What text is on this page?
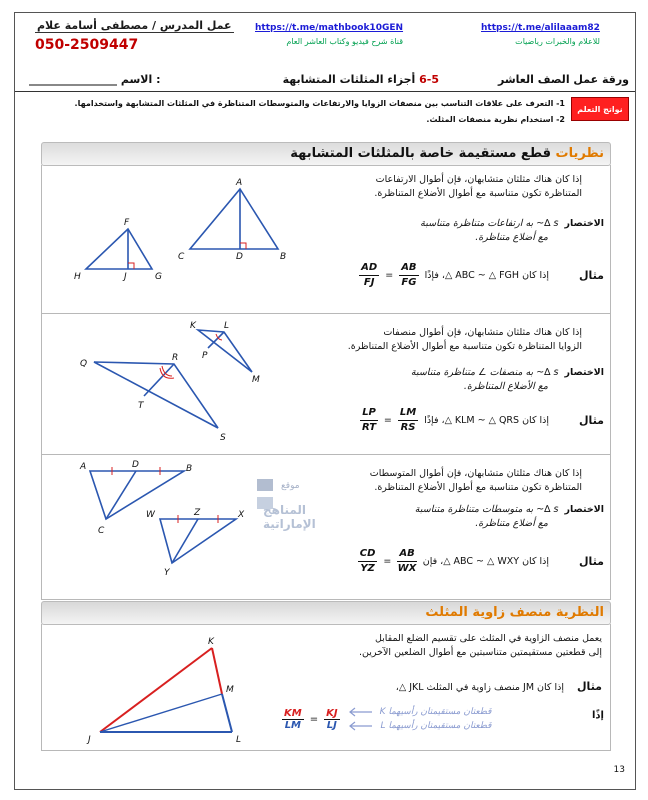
عمل المدرس / مصطفى أسامة علام
050-2509447
https://t.me/mathbook10GEN
قناة شرح فيديو وكتاب العاشر العام
https://t.me/alilaaam82
للاعلام والخبرات رياضيات
ورقة عمل الصف العاشر
6-5 أجزاء المثلثات المتشابهة
________________ الاسم :
نواتج التعلم
1- التعرف على علاقات التناسب بين منصفات الزوايا والارتفاعات والمتوسطات المتناظرة في المثلثات المتشابهة واستخدامها.
2- استخدام نظرية منصفات المثلث.
نظريات قطع مستقيمة خاصة بالمثلثات المتشابهة
إذا كان هناك مثلثان متشابهان، فإن أطوال الارتفاعات
المتناظرة تكون متناسبة مع أطوال الأضلاع المتناظرة.
الاختصار  s ∆~ به ارتفاعات متناظرة متناسبة
مع أضلاع متناظرة.
مثال
إذا كان ABC ~ △ FGH △، فإذًا
$\frac{AB}{FG}$
=
$\frac{AD}{FJ}$
H	J	G
F
C	D	B
A
إذا كان هناك مثلثان متشابهان، فإن أطوال منصفات
الزوايا المتناظرة تكون متناسبة مع أطوال الأضلاع المتناظرة.
الاختصار  s ∆~ به منصفات ∠ متناظرة متناسبة
مع الأضلاع المتناظرة.
مثال
إذا كان KLM ~ △ QRS △، فإذًا
$\frac{LM}{RS}$
=
$\frac{LP}{RT}$
K	L
P
M
Q
R
T
S
إذا كان هناك مثلثان متشابهان، فإن أطوال المتوسطات
المتناظرة تكون متناسبة مع أطوال الأضلاع المتناظرة.
الاختصار  s ∆~ به متوسطات متناظرة متناسبة
مع أضلاع متناظرة.
مثال
إذا كان ABC ~ △ WXY △، فإن
$\frac{AB}{WX}$
=
$\frac{CD}{YZ}$
A	D	B
C
W	Z	X
Y
موقع
المناهج الإماراتية
النظرية منصف زاوية المثلث
يعمل منصف الزاوية في المثلث على تقسيم الضلع المقابل
إلى قطعتين مستقيمتين متناسبتين مع أطوال الضلعين الآخرين.
مثال إذا كان JM منصف زاوية في المثلث JKL △،
$\frac{KM}{LM} = \frac{KJ}{LJ}$	قطعتان مستقيمتان رأسيهما K
قطعتان مستقيمتان رأسيهما L
إذًا
K
M
J	L
13
